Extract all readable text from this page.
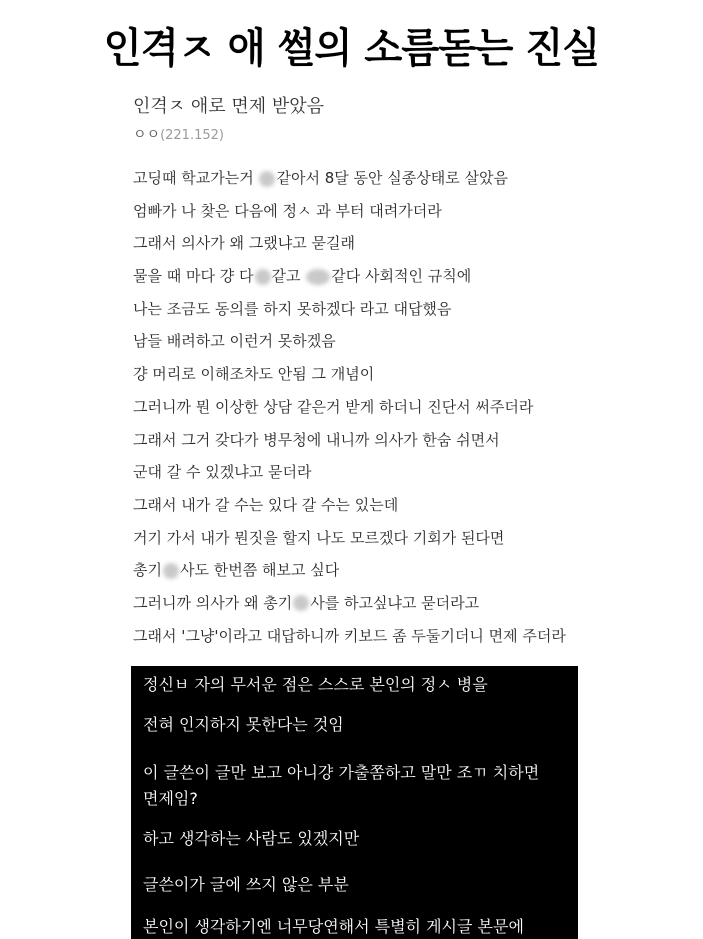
인격ㅈ 애 썰의 소름돋는 진실
인격ㅈ 애로 면제 받았음
ㅇㅇ(221.152)
고딩때 학교가는거 같아서 8달 동안 실종상태로 살았음
엄빠가 나 찾은 다음에 정ㅅ 과 부터 대려가더라
그래서 의사가 왜 그랬냐고 묻길래
물을 때 마다 걍 다 같고 같다 사회적인 규칙에
나는 조금도 동의를 하지 못하겠다 라고 대답했음
남들 배려하고 이런거 못하겠음
걍 머리로 이해조차도 안됨 그 개념이
그러니까 뭔 이상한 상담 같은거 받게 하더니 진단서 써주더라
그래서 그거 갖다가 병무청에 내니까 의사가 한숨 쉬면서
군대 갈 수 있겠냐고 묻더라
그래서 내가 갈 수는 있다 갈 수는 있는데
거기 가서 내가 뭔짓을 할지 나도 모르겠다 기회가 된다면
총기 사도 한번쯤 해보고 싶다
그러니까 의사가 왜 총기 사를 하고싶냐고 묻더라고
그래서 '그냥'이라고 대답하니까 키보드 좀 두둘기더니 면제 주더라
정신ㅂ 자의 무서운 점은 스스로 본인의 정ㅅ 병을
전혀 인지하지 못한다는 것임
이 글쓴이 글만 보고 아니걍 가출쫌하고 말만 조ㄲ 치하면
면제임?
하고 생각하는 사람도 있겠지만
글쓴이가 글에 쓰지 않은 부분
본인이 생각하기엔 너무당연해서 특별히 게시글 본문에
